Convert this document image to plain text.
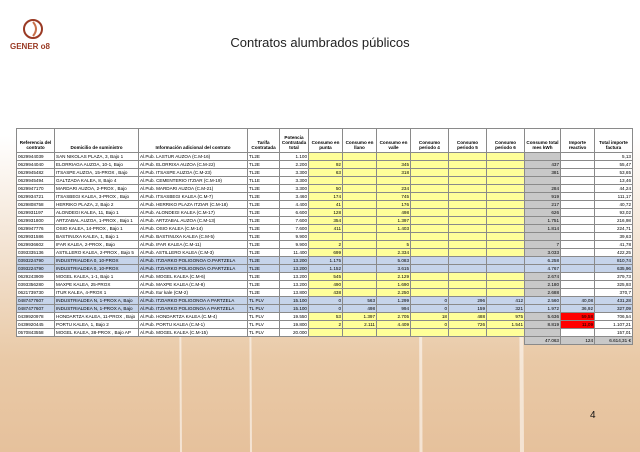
GENER o8	Contratos alumbrados públicos
Referencia del contrato	Domicilio de suministro	Información adicional del contrato	Tarifa Contratada	Potencia Contratada total	Consumo en punta	Consumo en llano	Consumo en valle	Consumo periodo 4	Consumo periodo 5	Consumo periodo 6	Consumo total mes kWh	Importe reactivo	Total importe factura
0629944039	SAN NIKOLAS PLAZA, 3, Bajo 1	Al.Pub. LASTUR AUZOA (C.M-16)	TL2E	1.100									5,13
0629944040	ELORRIAGA AUZOA, 10-1, Bajo	Al.Pub. ELORRIXA AUZOA (C.M-22)	TL2E	2.200	92		345				437		55,47
0629945482	ITSASPE AUZOA, 15-PROX , Bajo	Al.Pub. ITSASPE AUZOA (C.M-23)	TL2E	3.300	63		318				381		53,65
0629945494	GALTZADA KALEA, 8, Bajo 4	Al.Pub. CEMENTERIO ITZIAR (C.M-19)	TL1E	3.300									13,46
0629947170	MARDARI AUZOA, 2-PROX , Bajo	Al.Pub. MARDARI AUZOA (C.M-21)	TL2E	3.300	50		234				284		44,24
0629934721	ITSASBEGI KALEA, 3-PROX , Bajo	Al.Pub. ITSASBEGI KALEA (C.M-7)	TL2E	3.460	174		745				919		111,17
0629808758	HERRIKO PLAZA, 2, Bajo 2	Al.Pub. HERRIKO PLAZA ITZIAR (C.M-18)	TL2E	4.400	41		176				217		40,72
0629931197	ALONDEGI KALEA, 11, Bajo 1	Al.Pub. ALONDEGI KALEA (C.M-17)	TL2E	6.600	128		498				626		93,02
0629931800	ARTZABAL AUZOA, 1-PROX , Bajo 1	Al.Pub. ARTZABAL AUZOA (C.M-13)	TL2E	7.600	354		1.397				1.751		216,98
0629947776	OSIO KALEA, 14-PROX , Bajo 1	Al.Pub. OSIO KALEA (C.M-14)	TL2E	7.600	411		1.403				1.814		224,71
0629931586	BASTINUXA KALEA, 1, Bajo 1	Al.Pub. BASTINUXA KALEA (C.M-5)	TL2E	9.900									39,63
0629936602	IFAR KALEA, 2-PROX , Bajo	Al.Pub. IFAR KALEA (C.M-11)	TL2E	9.900	2		5				7		41,78
0393335136	ASTILLERO KALEA, 2-PROX , Bajo 5	Al.Pub. ASTILLERO KALEA (C.M-3)	TL2E	11.400	699		2.334				3.033		422,25
0393224790	INDUSTRIALDEA 0, 10-PROX	Al.Pub. ITZIARKO POLIGONOA O.PARTZELA	TL2E	13.200	1.175		5.083				6.258		810,74
0393224790	INDUSTRIALDEA 0, 10-PROX	Al.Pub. ITZIARKO POLIGONOA O.PARTZELA	TL2E	13.200	1.152		3.615				4.767		635,96
0629243909	MOGEL KALEA, 1-1, Bajo 1	Al.Pub. MOGEL KALEA (C.M-6)	TL2E	13.200	545		2.129				2.674		379,73
0393356280	MAXPE KALEA, 25-PROX	Al.Pub. MAXPE KALEA (C.M-8)	TL2E	13.200	490		1.690				2.180		325,93
0621739730	ITUR KALEA, 4-PROX 1	Al.Pub. Itur kale (CM-2)	TL2E	13.800	438		2.250				2.688		370,7
0487477607	INDUSTRIALDEA N, 1-PROX A, Bajo	Al.Pub. ITZIARKO POLIGONOA A PARTZELA	TL PLV	15.100	0	563	1.299	0	296	412	2.560	40,08	431,28
0487477607	INDUSTRIALDEA N, 1-PROX A, Bajo	Al.Pub. ITZIARKO POLIGONOA A PARTZELA	TL PLV	15.100	0	498	994	0	159	321	1.972	36,92	327,09
0439920978	HONDARTZA KALEA, 11-PROX , Bajo	Al.Pub. HONDARTZA KALEA (C.M-4)	TL PLV	19.550	53	1.397	2.705	18	488	975	5.636	59,58	706,54
0439920445	PORTU KALEA, 1, Bajo 2	Al.Pub. PORTU KALEA (C.M-1)	TL PLV	19.800	2	2.111	4.409	0	726	1.541	8.819	11,09	1.107,21
0570843558	MOGEL KALEA, 38-PROX , Bajo AP	Al.Pub. MOGEL KALEA (C.M-15)	TL PLV	20.000									157,01
											47.063	124	6.614,31 €
4
